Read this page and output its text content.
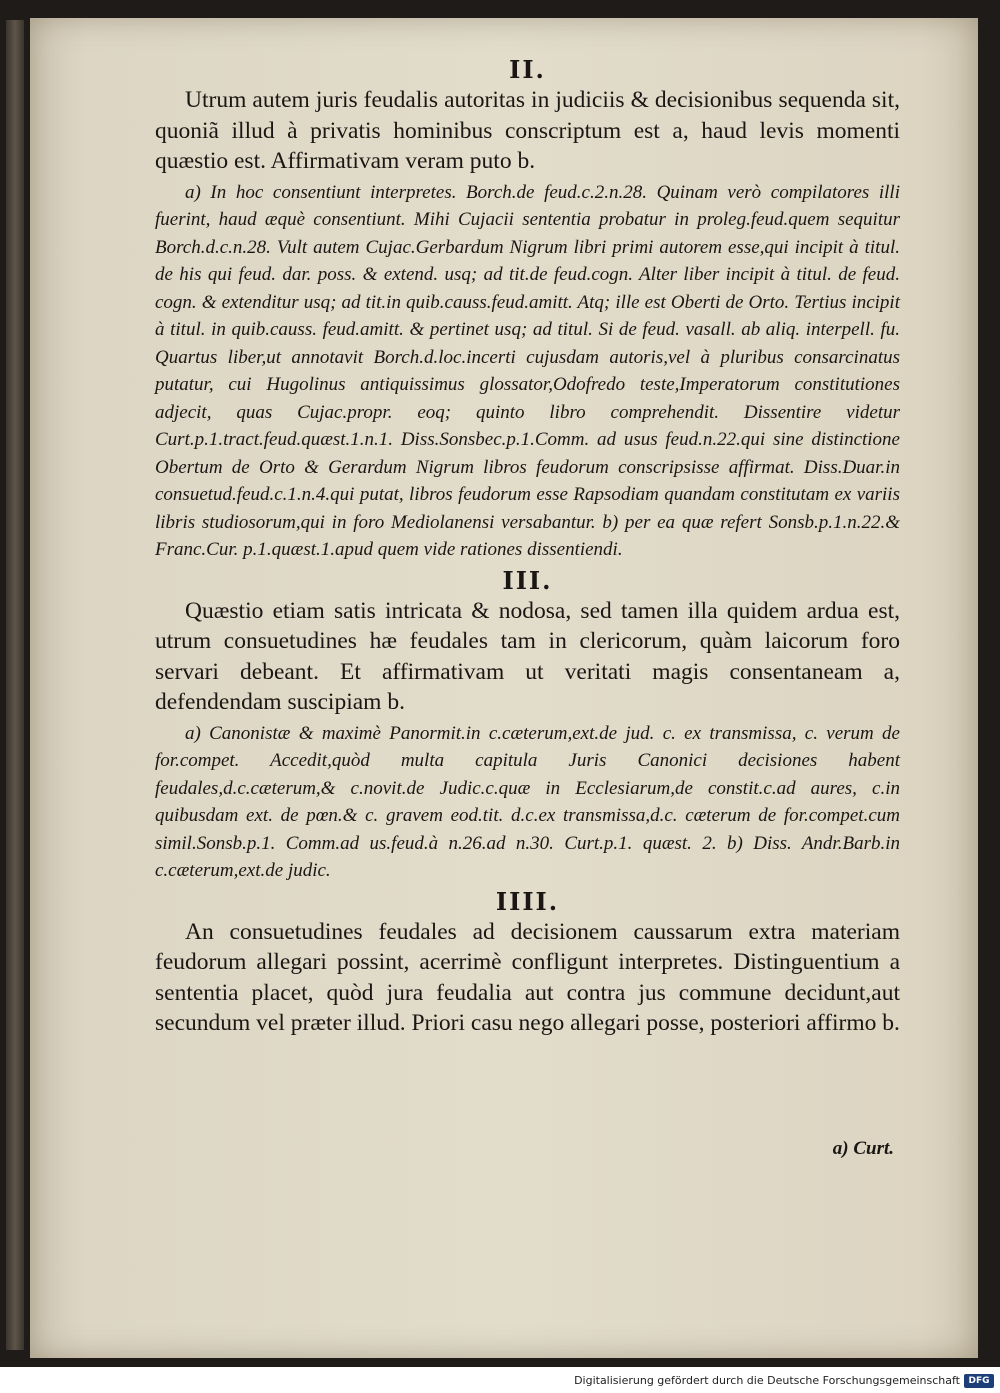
II.

Utrum autem juris feudalis autoritas in judiciis & decisionibus sequenda sit, quoniã illud à privatis hominibus conscriptum est a, haud levis momenti quæstio est. Affirmativam veram puto b.

a) In hoc consentiunt interpretes. Borch.de feud.c.2.n.28. Quinam verò compilatores illi fuerint, haud æquè consentiunt. Mihi Cujacii sententia probatur in proleg.feud.quem sequitur Borch.d.c.n.28. Vult autem Cujac.Gerbardum Nigrum libri primi autorem esse,qui incipit à titul. de his qui feud. dar. poss. & extend. usq; ad tit.de feud.cogn. Alter liber incipit à titul. de feud. cogn. & extenditur usq; ad tit.in quib.causs.feud.amitt. Atq; ille est Oberti de Orto. Tertius incipit à titul. in quib.causs. feud.amitt. & pertinet usq; ad titul. Si de feud. vasall. ab aliq. interpell. fu. Quartus liber,ut annotavit Borch.d.loc.incerti cujusdam autoris,vel à pluribus consarcinatus putatur, cui Hugolinus antiquissimus glossator,Odofredo teste,Imperatorum constitutiones adjecit, quas Cujac.propr. eoq; quinto libro comprehendit. Dissentire videtur Curt.p.1.tract.feud.quæst.1.n.1. Diss.Sonsbec.p.1.Comm. ad usus feud.n.22.qui sine distinctione Obertum de Orto & Gerardum Nigrum libros feudorum conscripsisse affirmat. Diss.Duar.in consuetud.feud.c.1.n.4.qui putat, libros feudorum esse Rapsodiam quandam constitutam ex variis libris studiosorum,qui in foro Mediolanensi versabantur. b) per ea quæ refert Sonsb.p.1.n.22.& Franc.Cur. p.1.quæst.1.apud quem vide rationes dissentiendi.

III.

Quæstio etiam satis intricata & nodosa, sed tamen illa quidem ardua est, utrum consuetudines hæ feudales tam in clericorum, quàm laicorum foro servari debeant. Et affirmativam ut veritati magis consentaneam a, defendendam suscipiam b.

a) Canonistæ & maximè Panormit.in c.cæterum,ext.de jud. c. ex transmissa, c. verum de for.compet. Accedit,quòd multa capitula Juris Canonici decisiones habent feudales,d.c.cæterum,& c.novit.de Judic.c.quæ in Ecclesiarum,de constit.c.ad aures, c.in quibusdam ext. de pœn.& c. gravem eod.tit. d.c.ex transmissa,d.c. cæterum de for.compet.cum simil.Sonsb.p.1. Comm.ad us.feud.à n.26.ad n.30. Curt.p.1. quæst. 2. b) Diss. Andr.Barb.in c.cæterum,ext.de judic.

IIII.

An consuetudines feudales ad decisionem caussarum extra materiam feudorum allegari possint, acerrimè confligunt interpretes. Distinguentium a sententia placet, quòd jura feudalia aut contra jus commune decidunt,aut secundum vel præter illud. Priori casu nego allegari posse, posteriori affirmo b.

a) Curt.
Digitalisierung gefördert durch die Deutsche Forschungsgemeinschaft DFG
